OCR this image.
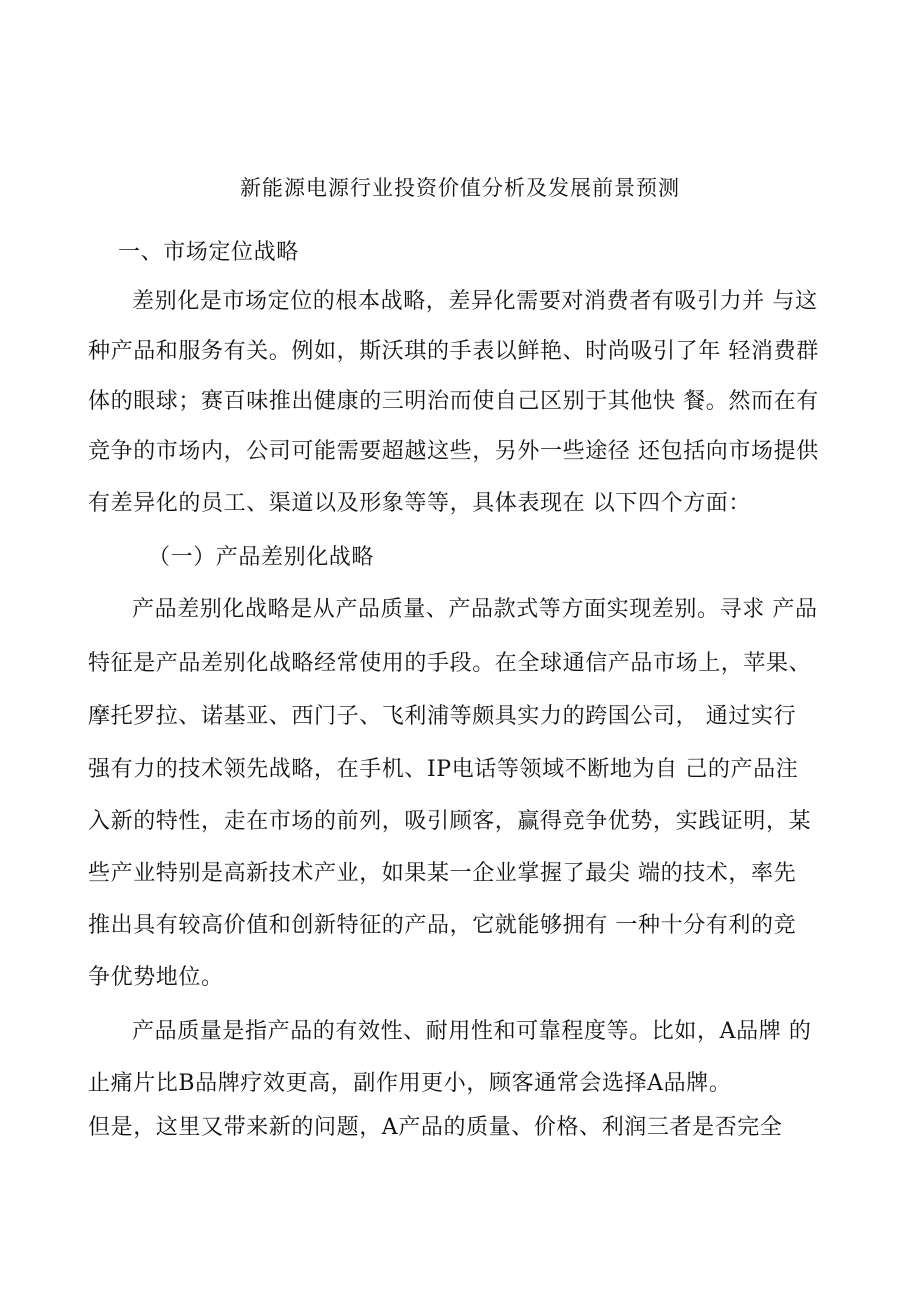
新能源电源行业投资价值分析及发展前景预测
一、市场定位战略
差别化是市场定位的根本战略，差异化需要对消费者有吸引力并 与这
种产品和服务有关。例如，斯沃琪的手表以鲜艳、时尚吸引了年 轻消费群
体的眼球；赛百味推出健康的三明治而使自己区别于其他快 餐。然而在有
竞争的市场内，公司可能需要超越这些，另外一些途径 还包括向市场提供
有差异化的员工、渠道以及形象等等，具体表现在 以下四个方面：
（一）产品差别化战略
产品差别化战略是从产品质量、产品款式等方面实现差别。寻求 产品
特征是产品差别化战略经常使用的手段。在全球通信产品市场上，苹果、
摩托罗拉、诺基亚、西门子、飞利浦等颇具实力的跨国公司， 通过实行
强有力的技术领先战略，在手机、IP电话等领域不断地为自 己的产品注
入新的特性，走在市场的前列，吸引顾客，赢得竞争优势，实践证明，某
些产业特别是高新技术产业，如果某一企业掌握了最尖 端的技术，率先
推出具有较高价值和创新特征的产品，它就能够拥有 一种十分有利的竞
争优势地位。
产品质量是指产品的有效性、耐用性和可靠程度等。比如，A品牌 的
止痛片比B品牌疗效更高，副作用更小，顾客通常会选择A品牌。
但是，这里又带来新的问题，A产品的质量、价格、利润三者是否完全
